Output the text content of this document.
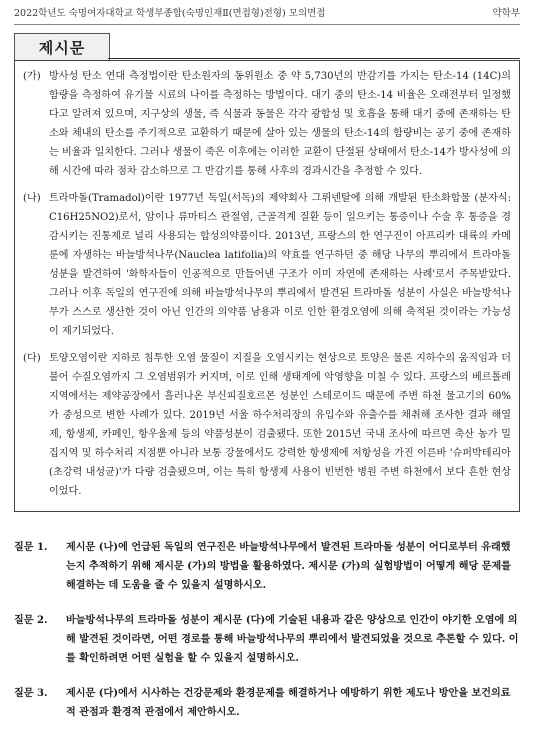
2022학년도 숙명여자대학교 학생부종합(숙명인재Ⅱ(면접형)전형) 모의면접	약학부
제시문
(가) 방사성 탄소 연대 측정법이란 탄소원자의 동위원소 중 약 5,730년의 반감기를 가지는 탄소-14 (14C)의 함량을 측정하여 유기물 시료의 나이를 측정하는 방법이다. 대기 중의 탄소-14 비율은 오래전부터 일정했다고 알려져 있으며, 지구상의 생물, 즉 식물과 동물은 각각 광합성 및 호흡을 통해 대기 중에 존재하는 탄소와 체내의 탄소를 주기적으로 교환하기 때문에 살아 있는 생물의 탄소-14의 함량비는 공기 중에 존재하는 비율과 일치한다. 그러나 생물이 죽은 이후에는 이러한 교환이 단절된 상태에서 탄소-14가 방사성에 의해 시간에 따라 점차 감소하므로 그 반감기를 통해 사후의 경과시간을 추정할 수 있다.
(나) 트라마돌(Tramadol)이란 1977년 독일(서독)의 제약회사 그뤼넨탈에 의해 개발된 탄소화합물 (분자식: C16H25NO2)로서, 암이나 류마티스 관절염, 근골격계 질환 등이 일으키는 통증이나 수술 후 통증을 경감시키는 진통제로 널리 사용되는 합성의약품이다. 2013년, 프랑스의 한 연구진이 아프리카 대륙의 카메룬에 자생하는 바늘방석나무(Nauclea latifolia)의 약효를 연구하던 중 해당 나무의 뿌리에서 트라마돌 성분을 발견하여 '화학자들이 인공적으로 만들어낸 구조가 이미 자연에 존재하는 사례'로서 주목받았다. 그러나 이후 독일의 연구진에 의해 바늘방석나무의 뿌리에서 발견된 트라마돌 성분이 사실은 바늘방석나무가 스스로 생산한 것이 아닌 인간의 의약품 남용과 이로 인한 환경오염에 의해 축적된 것이라는 가능성이 제기되었다.
(다) 토양오염이란 지하로 침투한 오염 물질이 지질을 오염시키는 현상으로 토양은 물론 지하수의 움직임과 더불어 수질오염까지 그 오염범위가 커지며, 이로 인해 생태계에 악영향을 미칠 수 있다. 프랑스의 베르톨레 지역에서는 제약공장에서 흘러나온 부신피질호르몬 성분인 스테로이드 때문에 주변 하천 물고기의 60%가 중성으로 변한 사례가 있다. 2019년 서울 하수처리장의 유입수와 유출수를 채취해 조사한 결과 해열제, 항생제, 카페인, 항우울제 등의 약품성분이 검출됐다. 또한 2015년 국내 조사에 따르면 축산 농가 밀집지역 및 하수처리 지점뿐 아니라 보통 강물에서도 강력한 항생제에 저항성을 가진 이른바 '슈퍼박테리아(초강력 내성균)'가 다량 검출됐으며, 이는 특히 항생제 사용이 빈번한 병원 주변 하천에서 보다 흔한 현상이었다.
질문 1. 제시문 (나)에 언급된 독일의 연구진은 바늘방석나무에서 발견된 트라마돌 성분이 어디로부터 유래했는지 추적하기 위해 제시문 (가)의 방법을 활용하였다. 제시문 (가)의 실험방법이 어떻게 해당 문제를 해결하는 데 도움을 줄 수 있을지 설명하시오.
질문 2. 바늘방석나무의 트라마돌 성분이 제시문 (다)에 기술된 내용과 같은 양상으로 인간이 야기한 오염에 의해 발견된 것이라면, 어떤 경로를 통해 바늘방석나무의 뿌리에서 발견되었을 것으로 추론할 수 있다. 이를 확인하려면 어떤 실험을 할 수 있을지 설명하시오.
질문 3. 제시문 (다)에서 시사하는 건강문제와 환경문제를 해결하거나 예방하기 위한 제도나 방안을 보건의료적 관점과 환경적 관점에서 제안하시오.
